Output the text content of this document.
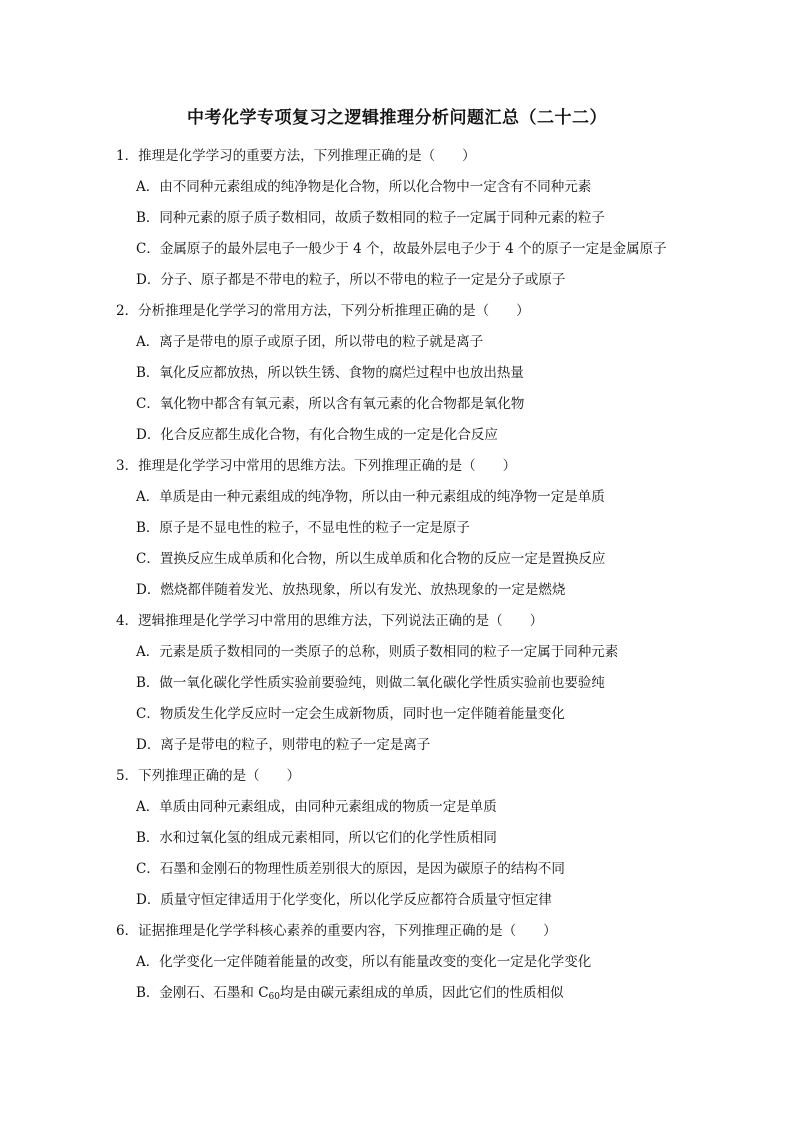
中考化学专项复习之逻辑推理分析问题汇总（二十二）
1．推理是化学学习的重要方法，下列推理正确的是（　　）
A．由不同种元素组成的纯净物是化合物，所以化合物中一定含有不同种元素
B．同种元素的原子质子数相同，故质子数相同的粒子一定属于同种元素的粒子
C．金属原子的最外层电子一般少于 4 个，故最外层电子少于 4 个的原子一定是金属原子
D．分子、原子都是不带电的粒子，所以不带电的粒子一定是分子或原子
2．分析推理是化学学习的常用方法，下列分析推理正确的是（　　）
A．离子是带电的原子或原子团，所以带电的粒子就是离子
B．氧化反应都放热，所以铁生锈、食物的腐烂过程中也放出热量
C．氧化物中都含有氧元素，所以含有氧元素的化合物都是氧化物
D．化合反应都生成化合物，有化合物生成的一定是化合反应
3．推理是化学学习中常用的思维方法。下列推理正确的是（　　）
A．单质是由一种元素组成的纯净物，所以由一种元素组成的纯净物一定是单质
B．原子是不显电性的粒子，不显电性的粒子一定是原子
C．置换反应生成单质和化合物，所以生成单质和化合物的反应一定是置换反应
D．燃烧都伴随着发光、放热现象，所以有发光、放热现象的一定是燃烧
4．逻辑推理是化学学习中常用的思维方法，下列说法正确的是（　　）
A．元素是质子数相同的一类原子的总称，则质子数相同的粒子一定属于同种元素
B．做一氧化碳化学性质实验前要验纯，则做二氧化碳化学性质实验前也要验纯
C．物质发生化学反应时一定会生成新物质，同时也一定伴随着能量变化
D．离子是带电的粒子，则带电的粒子一定是离子
5．下列推理正确的是（　　）
A．单质由同种元素组成，由同种元素组成的物质一定是单质
B．水和过氧化氢的组成元素相同，所以它们的化学性质相同
C．石墨和金刚石的物理性质差别很大的原因，是因为碳原子的结构不同
D．质量守恒定律适用于化学变化，所以化学反应都符合质量守恒定律
6．证据推理是化学学科核心素养的重要内容，下列推理正确的是（　　）
A．化学变化一定伴随着能量的改变，所以有能量改变的变化一定是化学变化
B．金刚石、石墨和 $C_{60}$均是由碳元素组成的单质，因此它们的性质相似
